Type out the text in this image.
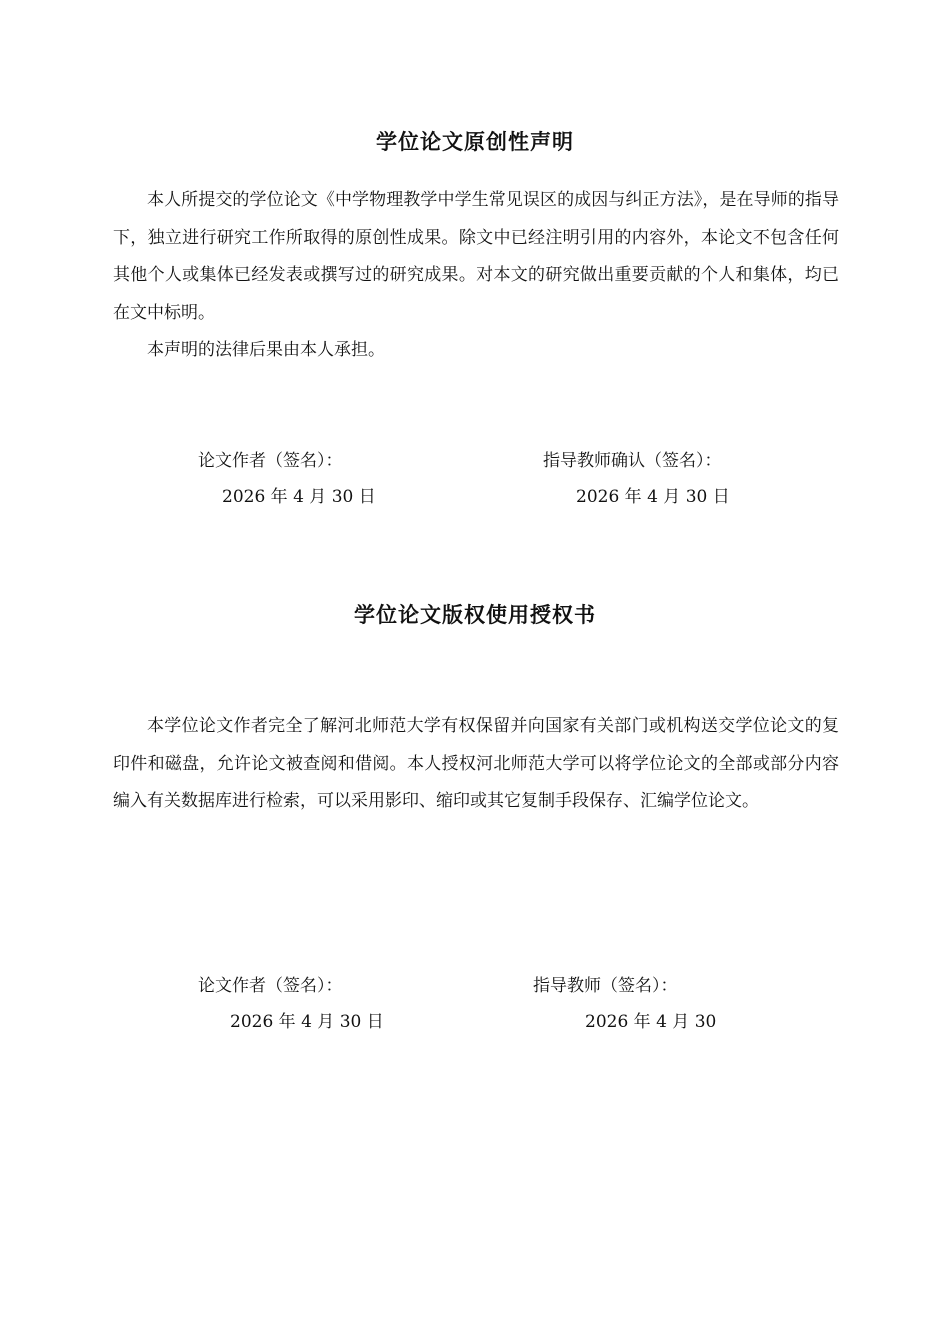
学位论文原创性声明

本人所提交的学位论文《中学物理教学中学生常见误区的成因与纠正方法》，是在导师的指导下，独立进行研究工作所取得的原创性成果。除文中已经注明引用的内容外，本论文不包含任何其他个人或集体已经发表或撰写过的研究成果。对本文的研究做出重要贡献的个人和集体，均已在文中标明。

本声明的法律后果由本人承担。

论文作者（签名）：
2026 年 4 月 30 日
指导教师确认（签名）：
2026 年 4 月 30 日
学位论文版权使用授权书

本学位论文作者完全了解河北师范大学有权保留并向国家有关部门或机构送交学位论文的复印件和磁盘，允许论文被查阅和借阅。本人授权河北师范大学可以将学位论文的全部或部分内容编入有关数据库进行检索，可以采用影印、缩印或其它复制手段保存、汇编学位论文。

论文作者（签名）：
2026 年 4 月 30 日
指导教师（签名）：
2026 年 4 月 30
